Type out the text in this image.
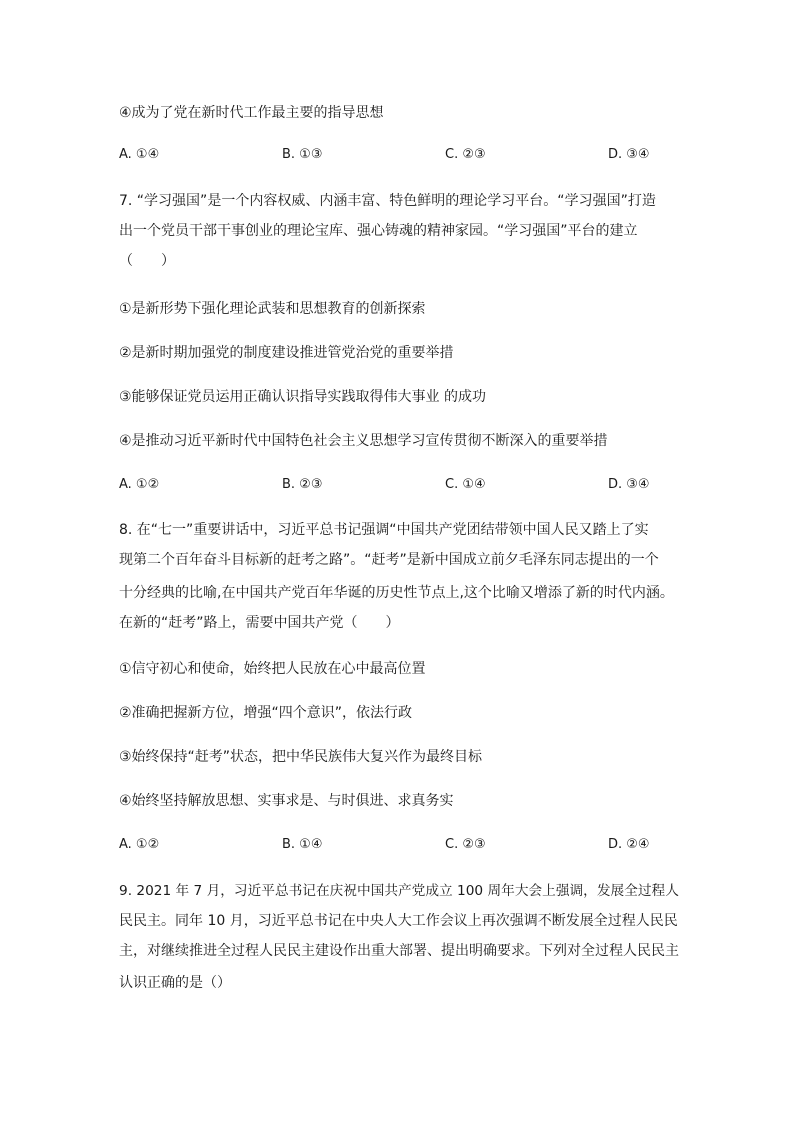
④成为了党在新时代工作最主要的指导思想
A. ①④	B. ①③	C. ②③	D. ③④
7. “学习强国”是一个内容权威、内涵丰富、特色鲜明的理论学习平台。“学习强国”打造
出一个党员干部干事创业的理论宝库、强心铸魂的精神家园。“学习强国”平台的建立
（　　）
①是新形势下强化理论武装和思想教育的创新探索
②是新时期加强党的制度建设推进管党治党的重要举措
③能够保证党员运用正确认识指导实践取得伟大事业 的成功
④是推动习近平新时代中国特色社会主义思想学习宣传贯彻不断深入的重要举措
A. ①②	B. ②③	C. ①④	D. ③④
8. 在“七一”重要讲话中，习近平总书记强调“中国共产党团结带领中国人民又踏上了实
现第二个百年奋斗目标新的赶考之路”。“赶考”是新中国成立前夕毛泽东同志提出的一个
十分经典的比喻,在中国共产党百年华诞的历史性节点上,这个比喻又增添了新的时代内涵。
在新的“赶考”路上，需要中国共产党（　　）
①信守初心和使命，始终把人民放在心中最高位置
②准确把握新方位，增强“四个意识”，依法行政
③始终保持“赶考”状态，把中华民族伟大复兴作为最终目标
④始终坚持解放思想、实事求是、与时俱进、求真务实
A. ①②	B. ①④	C. ②③	D. ②④
9. 2021 年 7 月，习近平总书记在庆祝中国共产党成立 100 周年大会上强调，发展全过程人
民民主。同年 10 月，习近平总书记在中央人大工作会议上再次强调不断发展全过程人民民
主，对继续推进全过程人民民主建设作出重大部署、提出明确要求。下列对全过程人民民主
认识正确的是（）
